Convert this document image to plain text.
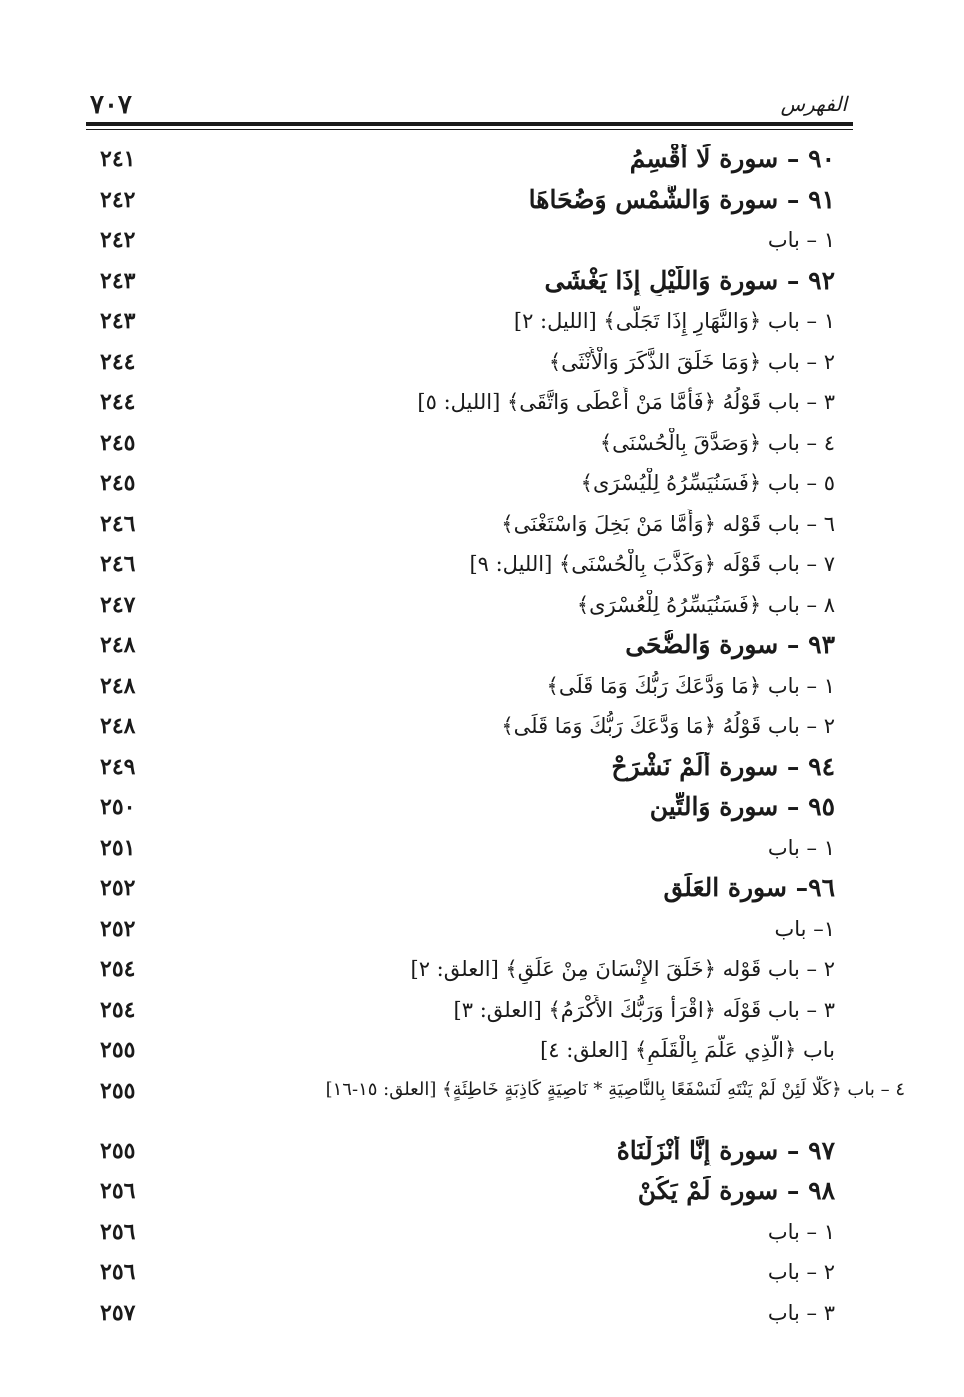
٧٠٧	الفهرس
٩٠ – سورة لَا أُقْسِمُ
٢٤١
٩١ – سورة وَالشَّمْسِ وَضُحَاهَا
٢٤٢
١ – باب
٢٤٢
٩٢ – سورة وَاللَّيْلِ إِذَا يَغْشَى
٢٤٣
١ – باب ﴿وَالنَّهَارِ إِذَا تَجَلَّى﴾ [الليل: ٢]
٢٤٣
٢ – باب ﴿وَمَا خَلَقَ الذَّكَرَ وَالْأُنْثَى﴾
٢٤٤
٣ – باب قَوْلُهُ ﴿فَأَمَّا مَنْ أَعْطَى وَاتَّقَى﴾ [الليل: ٥]
٢٤٤
٤ – باب ﴿وَصَدَّقَ بِالْحُسْنَى﴾
٢٤٥
٥ – باب ﴿فَسَنُيَسِّرُهُ لِلْيُسْرَى﴾
٢٤٥
٦ – باب قَوْله ﴿وَأَمَّا مَنْ بَخِلَ وَاسْتَغْنَى﴾
٢٤٦
٧ – باب قَوْلَه ﴿وَكَذَّبَ بِالْحُسْنَى﴾ [الليل: ٩]
٢٤٦
٨ – باب ﴿فَسَنُيَسِّرُهُ لِلْعُسْرَى﴾
٢٤٧
٩٣ – سورة وَالضُّحَى
٢٤٨
١ – باب ﴿مَا وَدَّعَكَ رَبُّكَ وَمَا قَلَى﴾
٢٤٨
٢ – باب قَوْلُهُ ﴿مَا وَدَّعَكَ رَبُّكَ وَمَا قَلَى﴾
٢٤٨
٩٤ – سورة أَلَمْ نَشْرَحْ
٢٤٩
٩٥ – سورة وَالتِّينِ
٢٥٠
١ – باب
٢٥١
٩٦– سورة العَلَق
٢٥٢
١– باب
٢٥٢
٢ – باب قَوْله ﴿خَلَقَ الإِنْسَانَ مِنْ عَلَقٍ﴾ [العلق: ٢]
٢٥٤
٣ – باب قَوْلَه ﴿اقْرَأْ وَرَبُّكَ الأَكْرَمُ﴾ [العلق: ٣]
٢٥٤
باب ﴿الَّذِي عَلَّمَ بِالْقَلَمِ﴾ [العلق: ٤]
٢٥٥
٤ – باب ﴿كَلَّا لَئِنْ لَمْ يَنْتَهِ لَنَسْفَعًا بِالنَّاصِيَةِ * نَاصِيَةٍ كَاذِبَةٍ خَاطِئَةٍ﴾ [العلق: ١٥-١٦]
٢٥٥
٩٧ – سورة إِنَّا أَنْزَلْنَاهُ
٢٥٥
٩٨ – سورة لَمْ يَكُنْ
٢٥٦
١ – باب
٢٥٦
٢ – باب
٢٥٦
٣ – باب
٢٥٧
